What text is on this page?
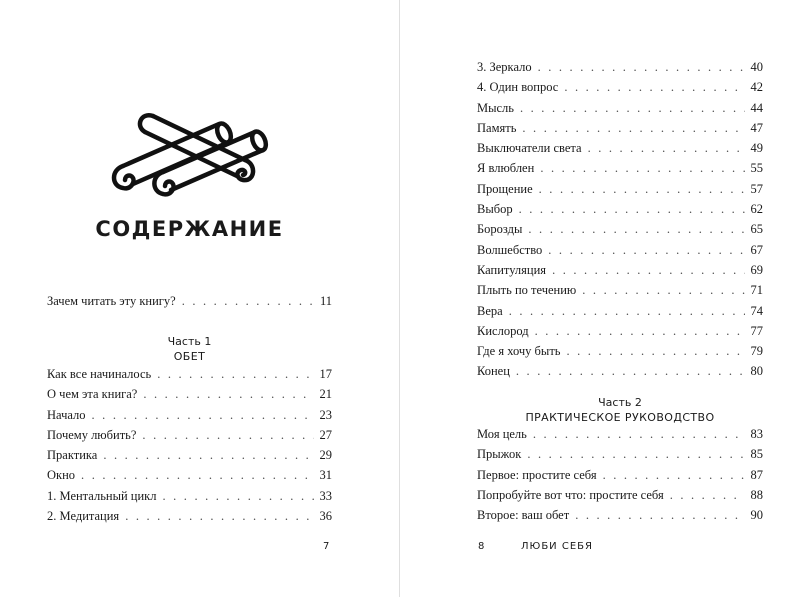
СОДЕРЖАНИЕ
Зачем читать эту книгу? . . .	11
Часть 1
ОБЕТ
Как все начиналось . . .	17
О чем эта книга? . . .	21
Начало . . .	23
Почему любить? . . .	27
Практика . . .	29
Окно . . .	31
1. Ментальный цикл . . .	33
2. Медитация . . .	36
7
3. Зеркало . . .	40
4. Один вопрос . . .	42
Мысль . . .	44
Память . . .	47
Выключатели света . . .	49
Я влюблен . . .	55
Прощение . . .	57
Выбор . . .	62
Борозды . . .	65
Волшебство . . .	67
Капитуляция . . .	69
Плыть по течению . . .	71
Вера . . .	74
Кислород . . .	77
Где я хочу быть . . .	79
Конец . . .	80
Часть 2
ПРАКТИЧЕСКОЕ РУКОВОДСТВО
Моя цель . . .	83
Прыжок . . .	85
Первое: простите себя . . .	87
Попробуйте вот что: простите себя . . .	88
Второе: ваш обет . . .	90
8	ЛЮБИ СЕБЯ
